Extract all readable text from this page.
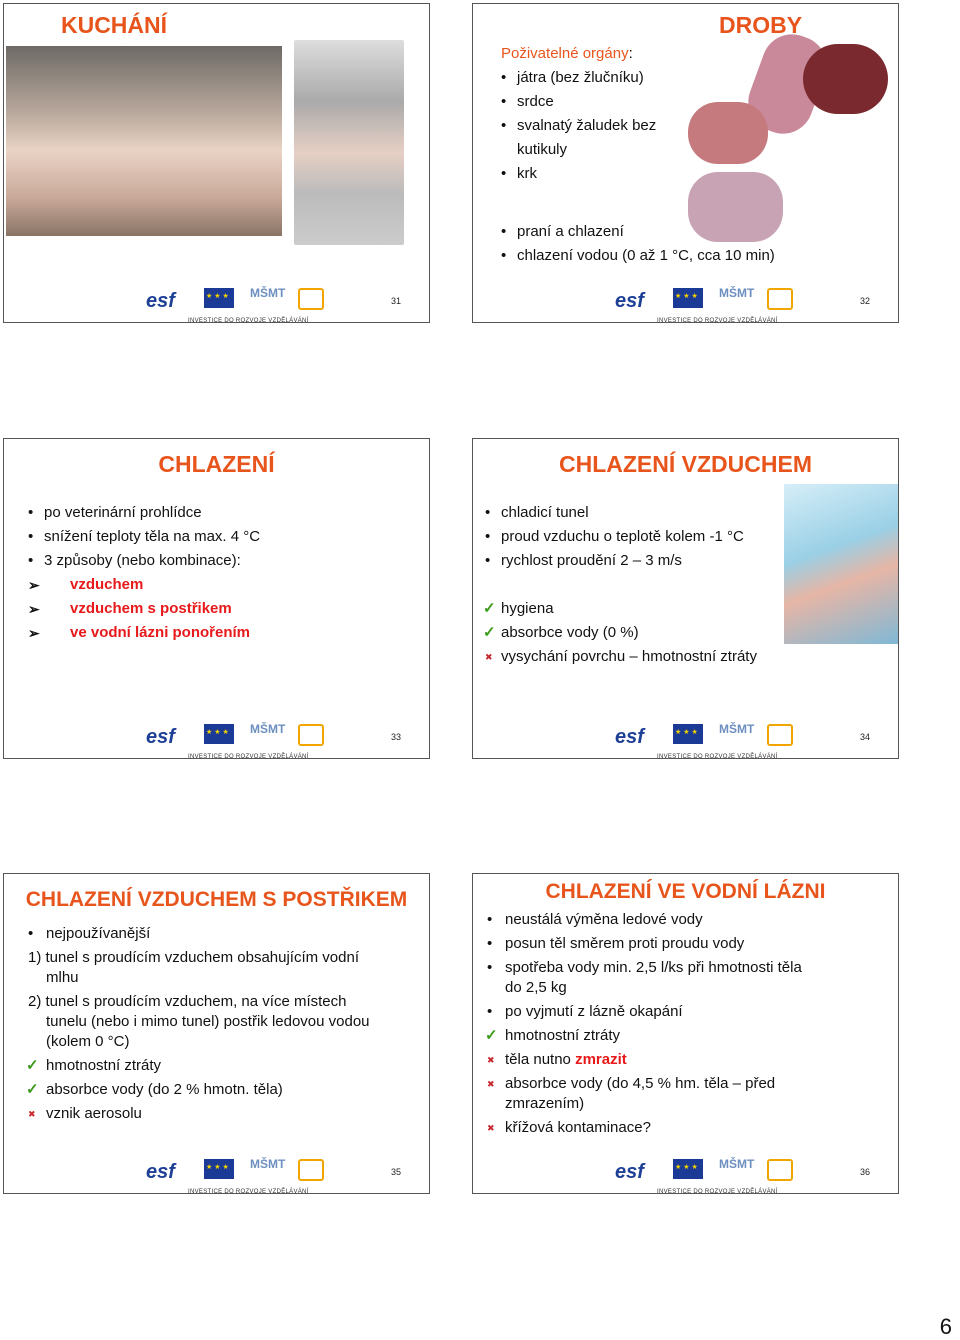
KUCHÁNÍ
esf ★ ★ ★	MŠMT
INVESTICE DO ROZVOJE VZDĚLÁVÁNÍ
31
DROBY
Poživatelné orgány:
• játra (bez žlučníku)
• srdce
• svalnatý žaludek bez
kutikuly
• krk
• praní a chlazení
• chlazení vodou (0 až 1 °C, cca 10 min)
esf ★ ★ ★	MŠMT
INVESTICE DO ROZVOJE VZDĚLÁVÁNÍ
32
CHLAZENÍ
• po veterinární prohlídce
• snížení teploty těla na max. 4 °C
• 3 způsoby (nebo kombinace):
➢ vzduchem
➢ vzduchem s postřikem
➢ ve vodní lázni ponořením
esf ★ ★ ★	MŠMT
INVESTICE DO ROZVOJE VZDĚLÁVÁNÍ
33
CHLAZENÍ VZDUCHEM
• chladicí tunel
• proud vzduchu o teplotě kolem -1 °C
• rychlost proudění 2 – 3 m/s
✓ hygiena
✓ absorbce vody (0 %)
✖ vysychání povrchu – hmotnostní ztráty
esf ★ ★ ★	MŠMT
INVESTICE DO ROZVOJE VZDĚLÁVÁNÍ
34
CHLAZENÍ VZDUCHEM S POSTŘIKEM
• nejpoužívanější
1) tunel s proudícím vzduchem obsahujícím vodní
mlhu
2) tunel s proudícím vzduchem, na více místech
tunelu (nebo i mimo tunel) postřik ledovou vodou
(kolem 0 °C)
✓ hmotnostní ztráty
✓ absorbce vody (do 2 % hmotn. těla)
✖ vznik aerosolu
esf ★ ★ ★	MŠMT
INVESTICE DO ROZVOJE VZDĚLÁVÁNÍ
35
CHLAZENÍ VE VODNÍ LÁZNI
• neustálá výměna ledové vody
• posun těl směrem proti proudu vody
• spotřeba vody min. 2,5 l/ks při hmotnosti těla
do 2,5 kg
• po vyjmutí z lázně okapání
✓ hmotnostní ztráty
✖ těla nutno zmrazit
✖ absorbce vody (do 4,5 % hm. těla – před
zmrazením)
✖ křížová kontaminace?
esf ★ ★ ★	MŠMT
INVESTICE DO ROZVOJE VZDĚLÁVÁNÍ
36
6
